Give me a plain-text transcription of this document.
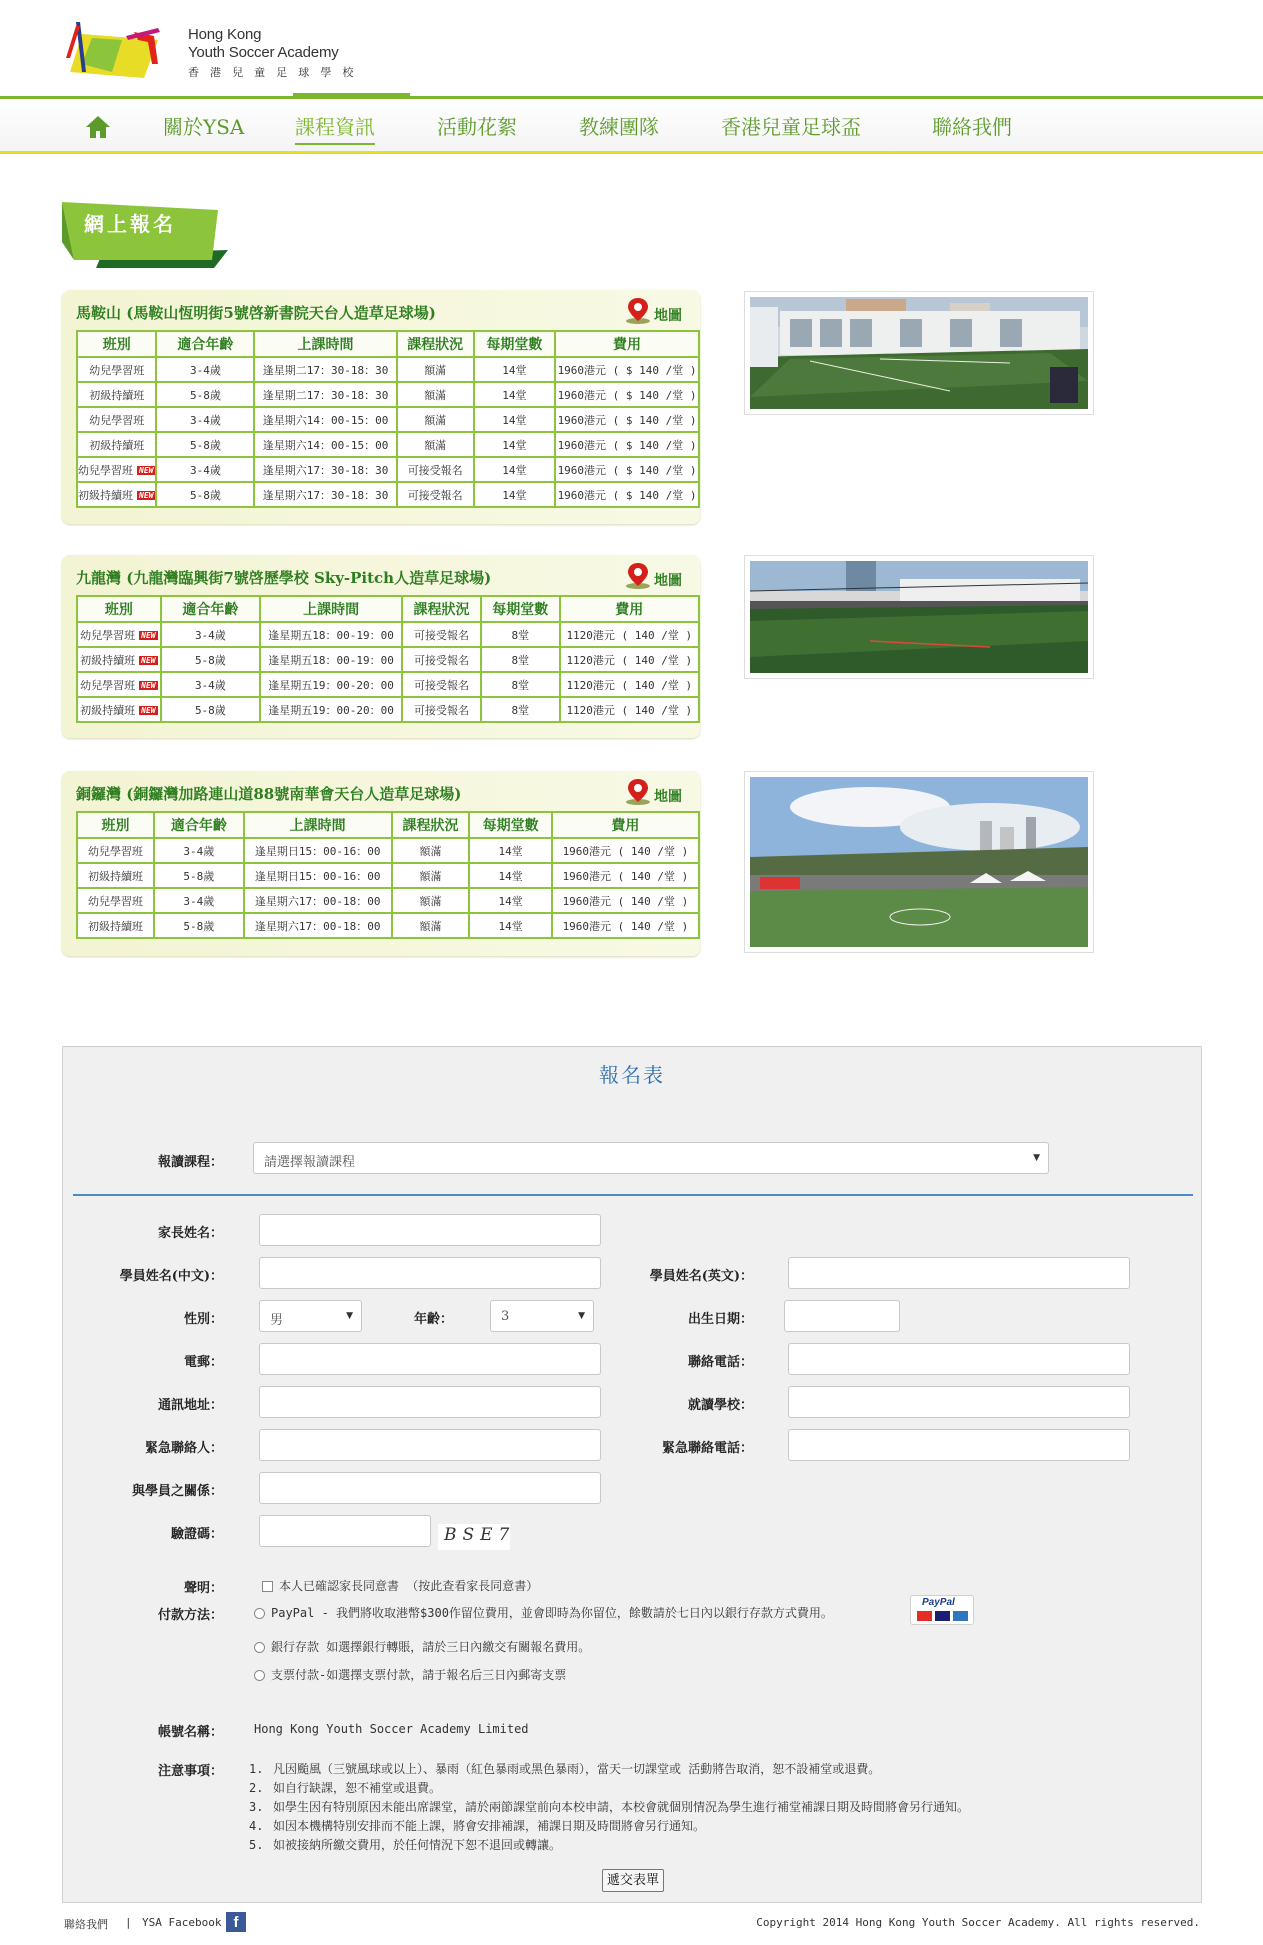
Hong Kong
Youth Soccer Academy
香 港 兒 童 足 球 學 校
關於YSA	課程資訊	活動花絮	教練團隊	香港兒童足球盃	聯絡我們
網上報名
馬鞍山 (馬鞍山恆明街5號啓新書院天台人造草足球場)	地圖
班別	適合年齡	上課時間	課程狀況	每期堂數	費用
幼兒學習班	3-4歲	逢星期二17：30-18：30	額滿	14堂	1960港元 ( $ 140 /堂 )
初級持續班	5-8歲	逢星期二17：30-18：30	額滿	14堂	1960港元 ( $ 140 /堂 )
幼兒學習班	3-4歲	逢星期六14：00-15：00	額滿	14堂	1960港元 ( $ 140 /堂 )
初級持續班	5-8歲	逢星期六14：00-15：00	額滿	14堂	1960港元 ( $ 140 /堂 )
幼兒學習班 NEW	3-4歲	逢星期六17：30-18：30	可接受報名	14堂	1960港元 ( $ 140 /堂 )
初級持續班 NEW	5-8歲	逢星期六17：30-18：30	可接受報名	14堂	1960港元 ( $ 140 /堂 )
九龍灣 (九龍灣臨興街7號啓歷學校 Sky-Pitch人造草足球場)	地圖
班別	適合年齡	上課時間	課程狀況	每期堂數	費用
幼兒學習班 NEW	3-4歲	逢星期五18：00-19：00	可接受報名	8堂	1120港元 ( 140 /堂 )
初級持續班 NEW	5-8歲	逢星期五18：00-19：00	可接受報名	8堂	1120港元 ( 140 /堂 )
幼兒學習班 NEW	3-4歲	逢星期五19：00-20：00	可接受報名	8堂	1120港元 ( 140 /堂 )
初級持續班 NEW	5-8歲	逢星期五19：00-20：00	可接受報名	8堂	1120港元 ( 140 /堂 )
銅鑼灣 (銅鑼灣加路連山道88號南華會天台人造草足球場)	地圖
班別	適合年齡	上課時間	課程狀況	每期堂數	費用
幼兒學習班	3-4歲	逢星期日15：00-16：00	額滿	14堂	1960港元 ( 140 /堂 )
初級持續班	5-8歲	逢星期日15：00-16：00	額滿	14堂	1960港元 ( 140 /堂 )
幼兒學習班	3-4歲	逢星期六17：00-18：00	額滿	14堂	1960港元 ( 140 /堂 )
初級持續班	5-8歲	逢星期六17：00-18：00	額滿	14堂	1960港元 ( 140 /堂 )
報名表
報讀課程：	請選擇報讀課程	▼
家長姓名：
學員姓名(中文)：	學員姓名(英文)：
性別：	男	▼	年齡：	3	▼	出生日期：
電郵：	聯絡電話：
通訊地址：	就讀學校：
緊急聯絡人：	緊急聯絡電話：
與學員之關係：
驗證碼：	BSE7
聲明：	本人已確認家長同意書 （按此查看家長同意書）
付款方法：	PayPal - 我們將收取港幣$300作留位費用，並會即時為你留位，餘數請於七日內以銀行存款方式費用。
PayPal
銀行存款 如選擇銀行轉賬，請於三日內繳交有關報名費用。
支票付款-如選擇支票付款，請于報名后三日內郵寄支票
帳號名稱：	Hong Kong Youth Soccer Academy Limited
注意事項： 1. 凡因颱風（三號風球或以上）、暴雨（紅色暴雨或黑色暴雨），當天一切課堂或 活動將告取消，恕不設補堂或退費。
2. 如自行缺課，恕不補堂或退費。
3. 如學生因有特別原因未能出席課堂，請於兩節課堂前向本校申請，本校會就個別情況為學生進行補堂補課日期及時間將會另行通知。
4. 如因本機構特別安排而不能上課，將會安排補課，補課日期及時間將會另行通知。
5. 如被接納所繳交費用，於任何情況下恕不退回或轉讓。
遞交表單
聯絡我們 | YSA Facebook f	Copyright 2014 Hong Kong Youth Soccer Academy. All rights reserved.
